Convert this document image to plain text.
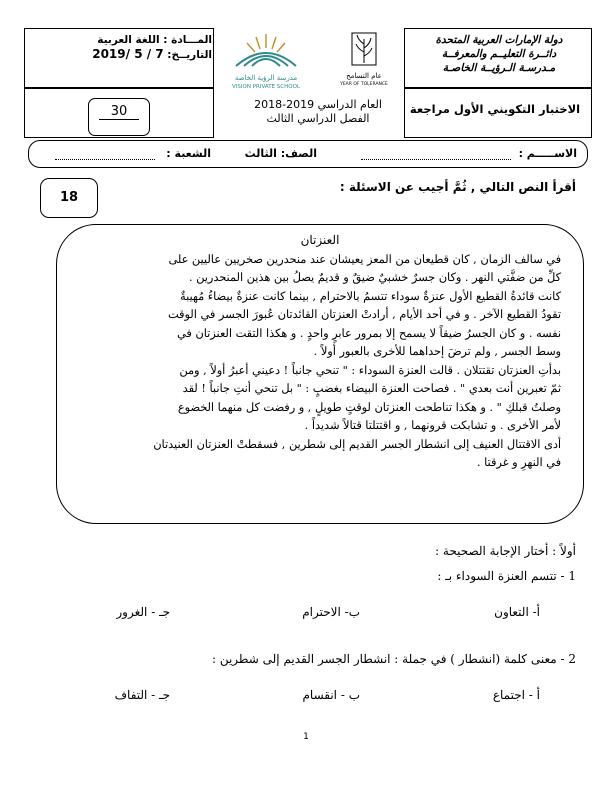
دولة الإمارات العربية المتحدة
دائــرة التعليــم والمعرفــة
مـدرسـة الـرؤيــة الخاصـة
المـــادة : اللغة العربية
التاريــخ: 2019/ 5 / 7
مدرسة الرؤية الخاصة
VISION PRIVATE SCHOOL
عام التسامح
YEAR OF TOLERANCE
الاختبار التكويني الأول مراجعة
العام الدراسي 2019-2018
الفصل الدراسي الثالث
30
الاســـــم :
الصف: الثالث
الشعبة :
18
أقرأ النص التالي , ثُمَّ أجيب عن الاسئلة :
العنزتان

في سالف الزمان , كان قطيعان من المعز يعيشان عند منحدرين صخريين عاليين على

كلِّ من ضفَّتي النهر . وكان جسرٌ خشبيٌ ضيقٌ و قديمٌ يصلُ بين هذين المنحدرين .

كانت قائدةُ القطيع الأول عنزةٌ سوداء تتسمُ بالاحترام , بينما كانت عنزةٌ بيضاءُ مُهيبةٌ

تقودُ القطيع الآخر . و في أحد الأيام , أرادتْ العنزتان القائدتان عُبورَ الجسر في الوقت

نفسه . و كان الجسرُ ضيقاً لا يسمح إلا بمرور عابرٍ واحدٍ . و هكذا التقت العنزتان في

وسط الجسر , ولم ترضَ إحداهما للأخرى بالعبور أولاً .

بدأتِ العنزتان تقتتلان . قالت العنزة السوداء : " تنحي جانباً ! دعيني أعبرُ أولاً , ومن

ثمّ تعبرين أنت بعدي " . فصاحت العنزة البيضاء بغضبٍ : " بل تنحي أنتِ جانباً ! لقد

وصلتُ قبلكِ " . و هكذا تناطحت العنزتان لوقتٍ طويلٍ , و رفضت كل منهما الخضوع

لأمر الأخرى . و تشابكت قرونهما , و اقتتلتا قتالاً شديداً .

أدى الاقتتال العنيف إلى انشطار الجسر القديم إلى شطرين , فسقطتْ العنزتان العنيدتان

في النهرِ و غرقتا .

أولاً : أختار الإجابة الصحيحة :
1 - تتسم العنزة السوداء بـ :
أ- التعاون
ب- الاحترام
جـ - الغرور
2 - معنى كلمة (انشطار ) في جملة : انشطار الجسر القديم إلى شطرين :
أ - اجتماع
ب - انقسام
جـ - التفاف
1
